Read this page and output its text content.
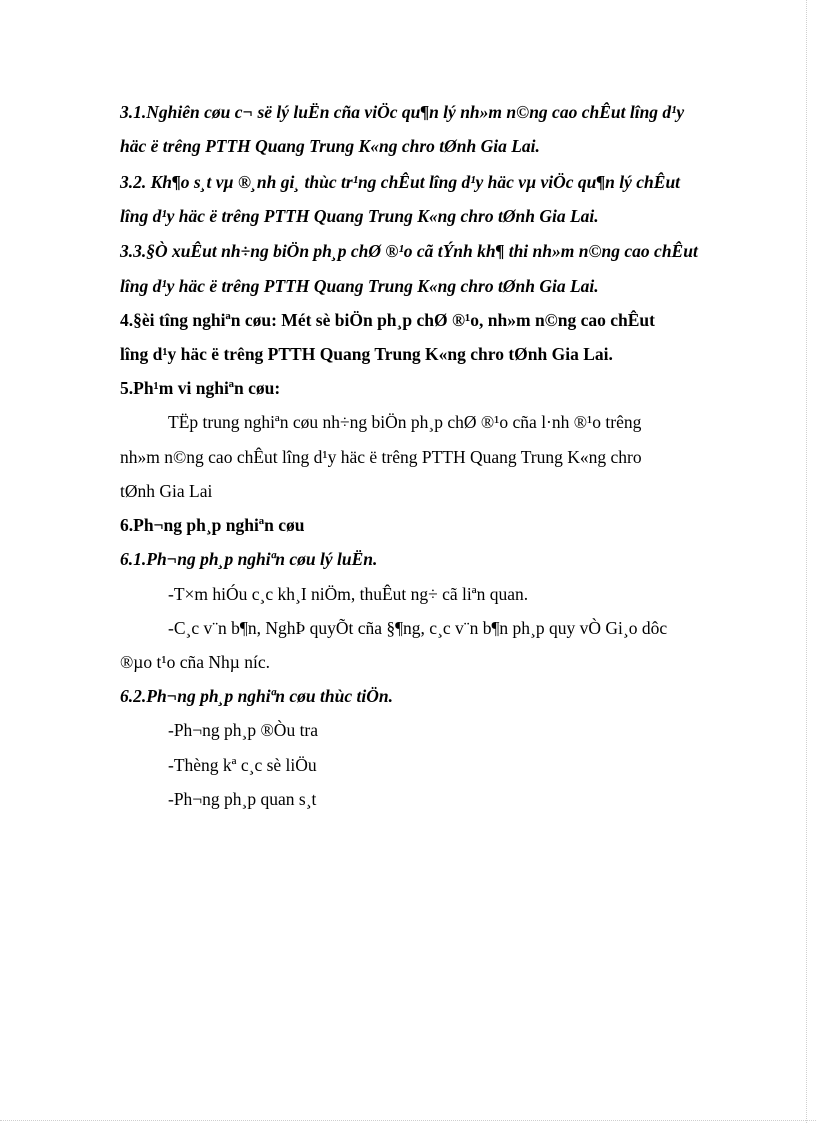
3.1.Nghiên cøu c¬ së lý luËn cña viÖc qu¶n lý nh»m n©ng cao chÊut lîng d¹y
häc ë trêng PTTH Quang Trung K«ng chro tØnh Gia Lai.
3.2. Kh¶o s¸t vµ ®¸nh gi¸ thùc tr¹ng chÊut lîng d¹y häc vµ viÖc qu¶n lý chÊut
lîng d¹y häc ë trêng PTTH Quang Trung K«ng chro tØnh Gia Lai.
3.3.§Ò xuÊut nh÷ng biÖn ph¸p chØ ®¹o cã tÝnh kh¶ thi nh»m n©ng cao chÊut
lîng d¹y häc ë trêng PTTH Quang Trung K«ng chro tØnh Gia Lai.
4.§èi tîng nghiªn cøu: Mét sè biÖn ph¸p chØ ®¹o, nh»m n©ng cao chÊut
lîng d¹y häc ë trêng PTTH Quang Trung K«ng chro tØnh Gia Lai.
5.Ph¹m vi nghiªn cøu:
TËp trung nghiªn cøu nh÷ng biÖn ph¸p chØ ®¹o cña l·nh ®¹o trêng
nh»m n©ng cao chÊut lîng d¹y häc ë trêng PTTH Quang Trung K«ng chro
tØnh Gia Lai
6.Ph¬ng ph¸p nghiªn cøu
6.1.Ph¬ng ph¸p nghiªn cøu lý luËn.
-T×m hiÓu c¸c kh¸I niÖm, thuÊut ng÷ cã liªn quan.
-C¸c v¨n b¶n, NghÞ quyÕt cña §¶ng, c¸c v¨n b¶n ph¸p quy vÒ Gi¸o dôc
®µo t¹o cña Nhµ níc.
6.2.Ph¬ng ph¸p nghiªn cøu thùc tiÖn.
-Ph¬ng ph¸p ®Òu tra
-Thèng kª c¸c sè liÖu
-Ph¬ng ph¸p quan s¸t
